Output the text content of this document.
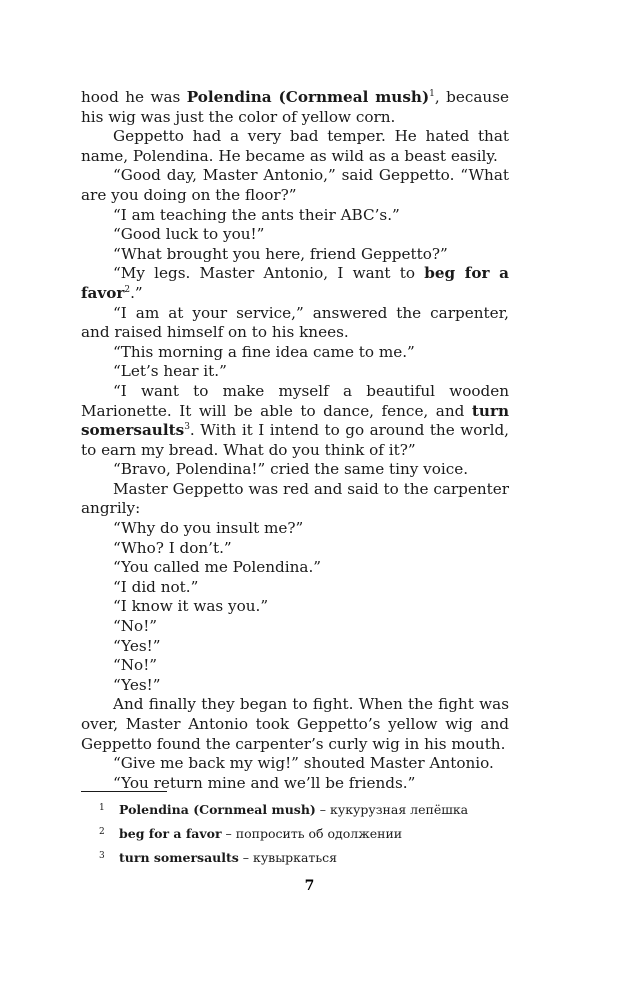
hood he was Polendina (Cornmeal mush)$^1$, because his wig was just the color of yellow corn.

Geppetto had a very bad temper. He hated that name, Polendina. He became as wild as a beast easily.

“Good day, Master Antonio,” said Geppetto. “What are you doing on the floor?”

“I am teaching the ants their ABC’s.”

“Good luck to you!”

“What brought you here, friend Geppetto?”

“My legs. Master Antonio, I want to beg for a favor$^2$.”

“I am at your service,” answered the carpenter, and raised himself on to his knees.

“This morning a fine idea came to me.”

“Let’s hear it.”

“I want to make myself a beautiful wooden Marionette. It will be able to dance, fence, and turn somersaults$^3$. With it I intend to go around the world, to earn my bread. What do you think of it?”

“Bravo, Polendina!” cried the same tiny voice.

Master Geppetto was red and said to the carpenter angrily:

“Why do you insult me?”

“Who? I don’t.”

“You called me Polendina.”

“I did not.”

“I know it was you.”

“No!”

“Yes!”

“No!”

“Yes!”

And finally they began to fight. When the fight was over, Master Antonio took Geppetto’s yellow wig and Geppetto found the carpenter’s curly wig in his mouth.

“Give me back my wig!” shouted Master Antonio.

“You return mine and we’ll be friends.”

1 Polendina (Cornmeal mush) – кукурузная лепёшка

2 beg for a favor – попросить об одолжении

3 turn somersaults – кувыркаться

7
